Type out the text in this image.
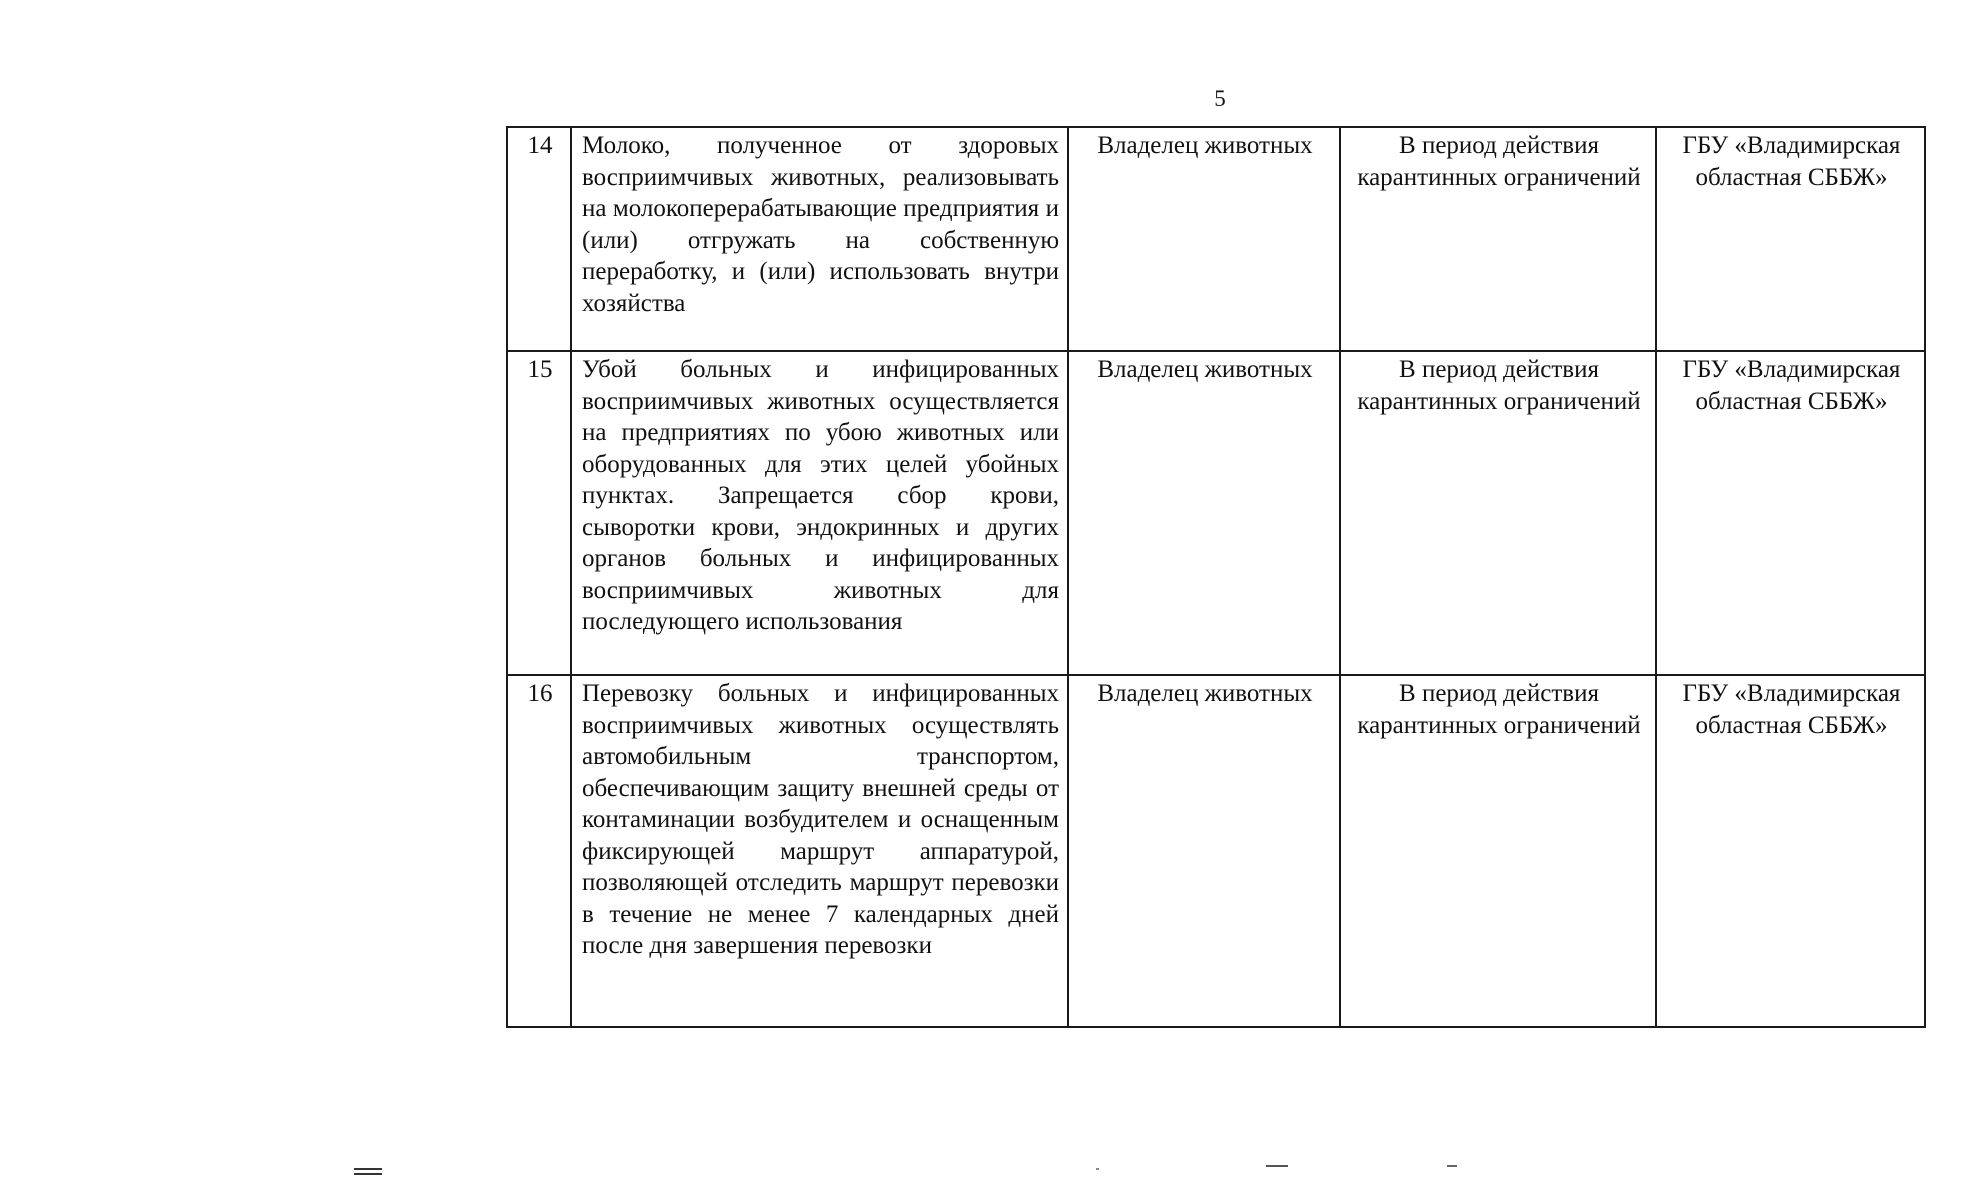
5
14	Молоко, полученное от здоровых восприимчивых животных, реализовывать на молокоперерабатывающие предприятия и (или) отгружать на собственную переработку, и (или) использовать внутри хозяйства	Владелец животных	В период действия карантинных ограничений	ГБУ «Владимирская областная СББЖ»
15	Убой больных и инфицированных восприимчивых животных осуществляется на предприятиях по убою животных или оборудованных для этих целей убойных пунктах. Запрещается сбор крови, сыворотки крови, эндокринных и других органов больных и инфицированных восприимчивых животных для последующего использования	Владелец животных	В период действия карантинных ограничений	ГБУ «Владимирская областная СББЖ»
16	Перевозку больных и инфицированных восприимчивых животных осуществлять автомобильным транспортом, обеспечивающим защиту внешней среды от контаминации возбудителем и оснащенным фиксирующей маршрут аппаратурой, позволяющей отследить маршрут перевозки в течение не менее 7 календарных дней после дня завершения перевозки	Владелец животных	В период действия карантинных ограничений	ГБУ «Владимирская областная СББЖ»
